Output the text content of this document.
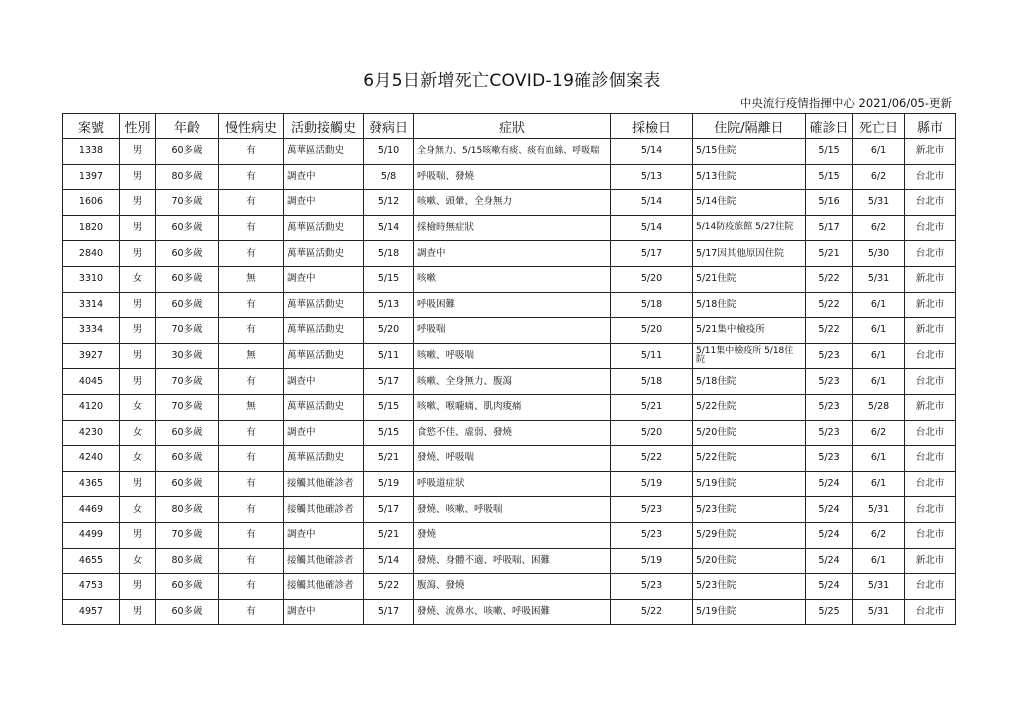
6月5日新增死亡COVID-19確診個案表
中央流行疫情指揮中心 2021/06/05-更新
案號	性別	年齡	慢性病史	活動接觸史	發病日	症狀	採檢日	住院/隔離日	確診日	死亡日	縣市
1338	男	60多歲	有	萬華區活動史	5/10	全身無力、5/15咳嗽有痰、痰有血絲、呼吸喘	5/14	5/15住院	5/15	6/1	新北市
1397	男	80多歲	有	調查中	5/8	呼吸喘、發燒	5/13	5/13住院	5/15	6/2	台北市
1606	男	70多歲	有	調查中	5/12	咳嗽、頭暈、全身無力	5/14	5/14住院	5/16	5/31	台北市
1820	男	60多歲	有	萬華區活動史	5/14	採檢時無症狀	5/14	5/14防疫旅館 5/27住院	5/17	6/2	台北市
2840	男	60多歲	有	萬華區活動史	5/18	調查中	5/17	5/17因其他原因住院	5/21	5/30	台北市
3310	女	60多歲	無	調查中	5/15	咳嗽	5/20	5/21住院	5/22	5/31	新北市
3314	男	60多歲	有	萬華區活動史	5/13	呼吸困難	5/18	5/18住院	5/22	6/1	新北市
3334	男	70多歲	有	萬華區活動史	5/20	呼吸喘	5/20	5/21集中檢疫所	5/22	6/1	新北市
3927	男	30多歲	無	萬華區活動史	5/11	咳嗽、呼吸喘	5/11	5/11集中檢疫所 5/18住院	5/23	6/1	台北市
4045	男	70多歲	有	調查中	5/17	咳嗽、全身無力、腹瀉	5/18	5/18住院	5/23	6/1	台北市
4120	女	70多歲	無	萬華區活動史	5/15	咳嗽、喉嚨痛、肌肉痠痛	5/21	5/22住院	5/23	5/28	新北市
4230	女	60多歲	有	調查中	5/15	食慾不佳、虛弱、發燒	5/20	5/20住院	5/23	6/2	台北市
4240	女	60多歲	有	萬華區活動史	5/21	發燒、呼吸喘	5/22	5/22住院	5/23	6/1	台北市
4365	男	60多歲	有	接觸其他確診者	5/19	呼吸道症狀	5/19	5/19住院	5/24	6/1	台北市
4469	女	80多歲	有	接觸其他確診者	5/17	發燒、咳嗽、呼吸喘	5/23	5/23住院	5/24	5/31	台北市
4499	男	70多歲	有	調查中	5/21	發燒	5/23	5/29住院	5/24	6/2	台北市
4655	女	80多歲	有	接觸其他確診者	5/14	發燒、身體不適、呼吸喘、困難	5/19	5/20住院	5/24	6/1	新北市
4753	男	60多歲	有	接觸其他確診者	5/22	腹瀉、發燒	5/23	5/23住院	5/24	5/31	台北市
4957	男	60多歲	有	調查中	5/17	發燒、流鼻水、咳嗽、呼吸困難	5/22	5/19住院	5/25	5/31	台北市
